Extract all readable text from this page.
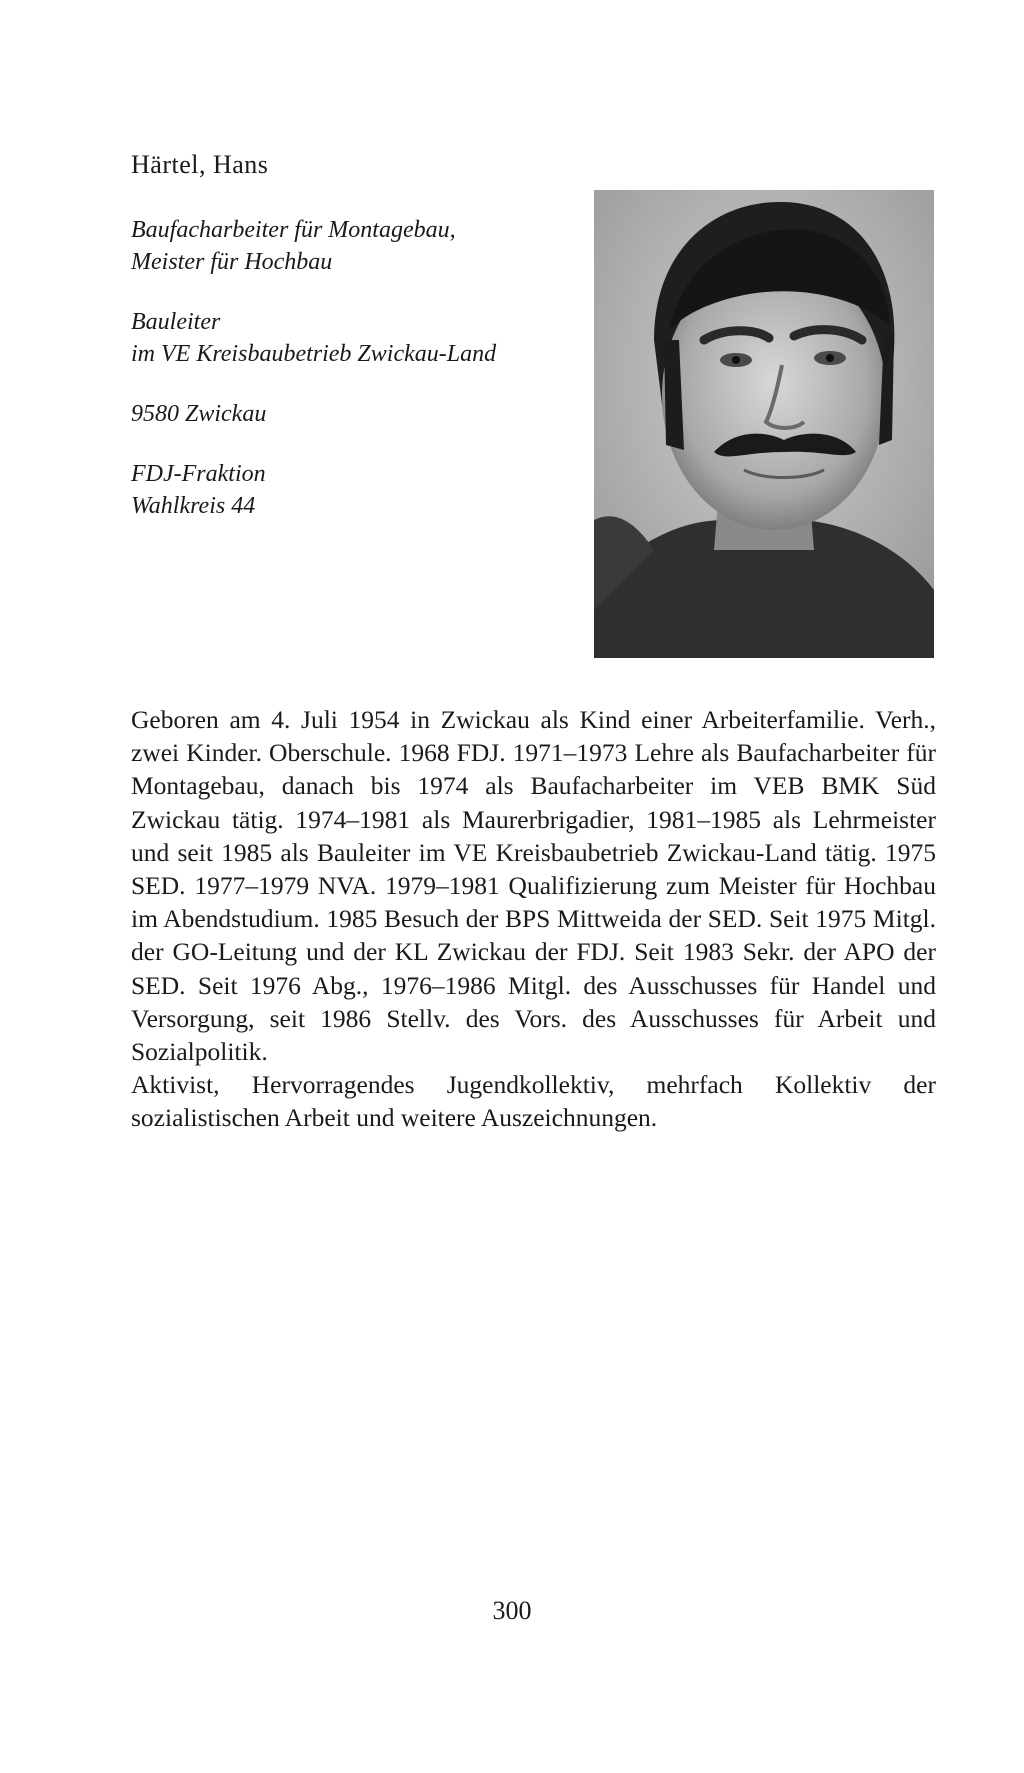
Härtel, Hans
Baufacharbeiter für Montagebau,
Meister für Hochbau
Bauleiter
im VE Kreisbaubetrieb Zwickau-Land
9580 Zwickau
FDJ-Fraktion
Wahlkreis 44

Geboren am 4. Juli 1954 in Zwickau als Kind einer Arbeiterfamilie. Verh., zwei Kinder. Oberschule. 1968 FDJ. 1971–1973 Lehre als Baufacharbeiter für Montagebau, danach bis 1974 als Baufacharbeiter im VEB BMK Süd Zwickau tätig. 1974–1981 als Maurerbrigadier, 1981–1985 als Lehrmeister und seit 1985 als Bauleiter im VE Kreisbaubetrieb Zwickau-Land tätig. 1975 SED. 1977–1979 NVA. 1979–1981 Qualifizierung zum Meister für Hochbau im Abendstudium. 1985 Besuch der BPS Mittweida der SED. Seit 1975 Mitgl. der GO-Leitung und der KL Zwickau der FDJ. Seit 1983 Sekr. der APO der SED. Seit 1976 Abg., 1976–1986 Mitgl. des Ausschusses für Handel und Versorgung, seit 1986 Stellv. des Vors. des Ausschusses für Arbeit und Sozialpolitik.

Aktivist, Hervorragendes Jugendkollektiv, mehrfach Kollektiv der sozialistischen Arbeit und weitere Auszeichnungen.

300
